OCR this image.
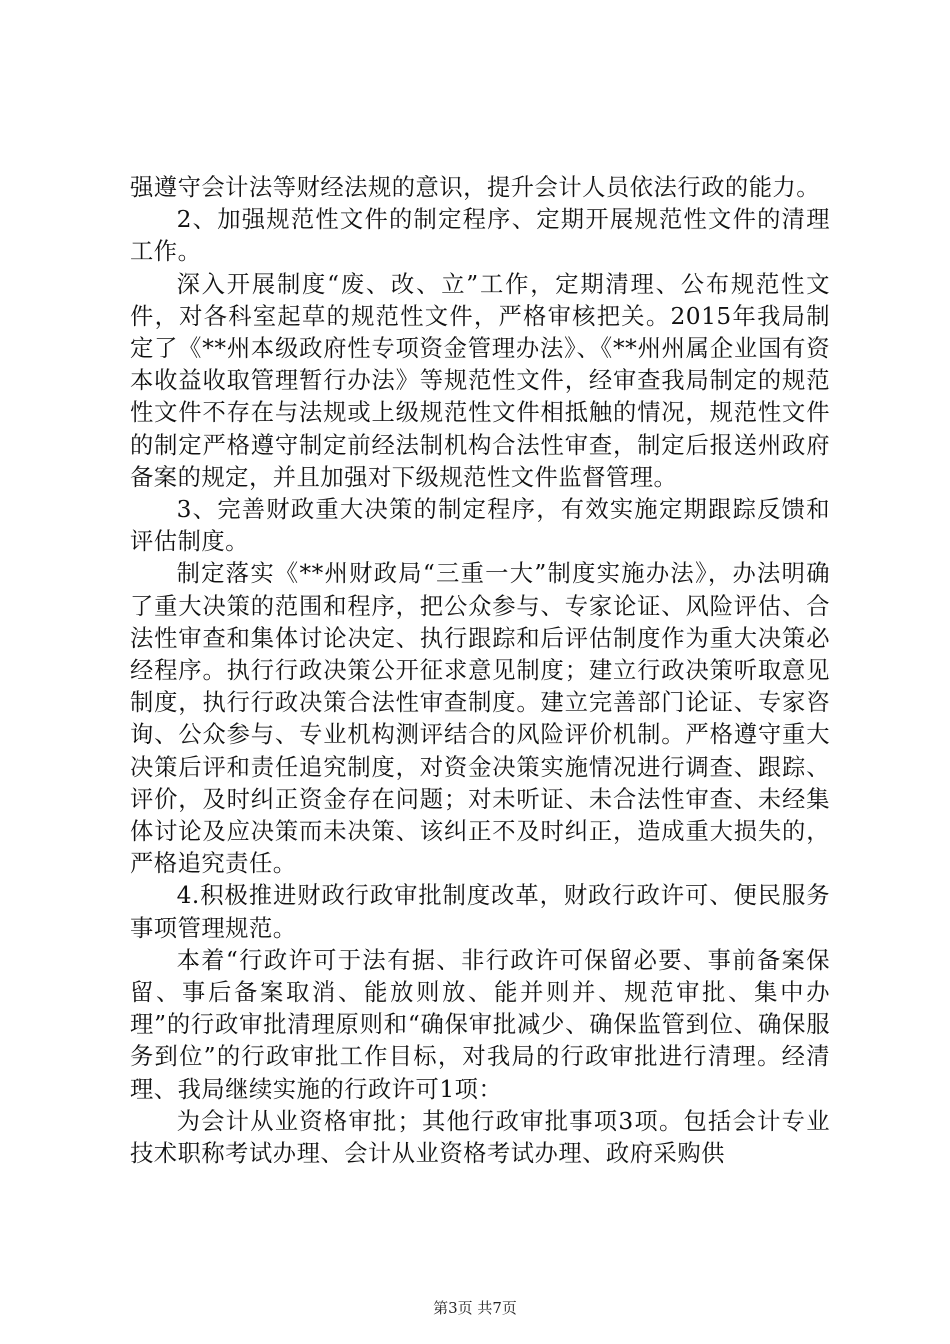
强遵守会计法等财经法规的意识，提升会计人员依法行政的能力。

2、加强规范性文件的制定程序、定期开展规范性文件的清理工作。

深入开展制度“废、改、立”工作，定期清理、公布规范性文件，对各科室起草的规范性文件，严格审核把关。2015年我局制定了《**州本级政府性专项资金管理办法》、《**州州属企业国有资本收益收取管理暂行办法》等规范性文件，经审查我局制定的规范性文件不存在与法规或上级规范性文件相抵触的情况，规范性文件的制定严格遵守制定前经法制机构合法性审查，制定后报送州政府备案的规定，并且加强对下级规范性文件监督管理。

3、完善财政重大决策的制定程序，有效实施定期跟踪反馈和评估制度。

制定落实《**州财政局“三重一大”制度实施办法》，办法明确了重大决策的范围和程序，把公众参与、专家论证、风险评估、合法性审查和集体讨论决定、执行跟踪和后评估制度作为重大决策必经程序。执行行政决策公开征求意见制度；建立行政决策听取意见制度，执行行政决策合法性审查制度。建立完善部门论证、专家咨询、公众参与、专业机构测评结合的风险评价机制。严格遵守重大决策后评和责任追究制度，对资金决策实施情况进行调查、跟踪、评价，及时纠正资金存在问题；对未听证、未合法性审查、未经集体讨论及应决策而未决策、该纠正不及时纠正，造成重大损失的，严格追究责任。

4.积极推进财政行政审批制度改革，财政行政许可、便民服务事项管理规范。

本着“行政许可于法有据、非行政许可保留必要、事前备案保留、事后备案取消、能放则放、能并则并、规范审批、集中办理”的行政审批清理原则和“确保审批减少、确保监管到位、确保服务到位”的行政审批工作目标，对我局的行政审批进行清理。经清理、我局继续实施的行政许可1项：

为会计从业资格审批；其他行政审批事项3项。包括会计专业技术职称考试办理、会计从业资格考试办理、政府采购供

第3页 共7页
